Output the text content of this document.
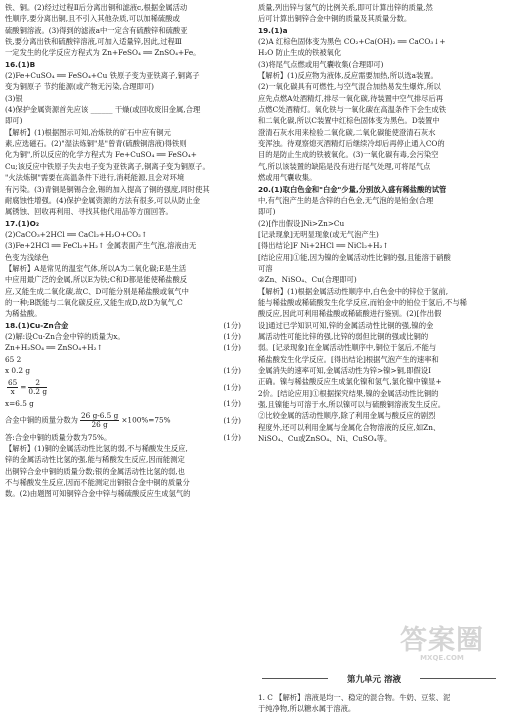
铁、铜。(2)经过过程Ⅱ后分离出铜和滤液c,根据金属活动
性顺序,要分离出铜,且不引入其他杂质,可以加稀硫酸或
硫酸铜溶液。(3)得到的滤液a中一定含有硫酸锌和硫酸亚
铁,要分离出铁和硫酸锌溶液,可加入适量锌,因此,过程Ⅲ
一定发生的化学反应方程式为 Zn+FeSO₄ ══ ZnSO₄+Fe。
16.(1)B
(2)Fe+CuSO₄ ══ FeSO₄+Cu 铁原子变为亚铁离子,铜离子
变为铜原子 节约能源(或产物无污染,合理即可)
(3)银
(4)保护金属资源首先应该 ______ 干燥(或回收废旧金属,合理
即可)
【解析】(1)根据图示可知,冶炼铁的矿石中应有铜元
素,应选磁石。(2)"湿法炼铜"是"曾青(硫酸铜溶液)得铁则
化为铜",所以反应的化学方程式为 Fe+CuSO₄ ══ FeSO₄+
Cu;该反应中铁原子失去电子变为亚铁离子,铜离子变为铜原子。
"火法炼铜"需要在高温条件下进行,消耗能源,且会对环境
有污染。(3)青铜是铜锡合金,锡的加入提高了铜的强度,同时使其
耐腐蚀性增强。(4)保护金属资源的方法有很多,可以从防止金
属锈蚀、回收再利用、寻找其他代用品等方面回答。
17.(1)O₂
(2)CaCO₃+2HCl ══ CaCl₂+H₂O+CO₂↑
(3)Fe+2HCl ══ FeCl₂+H₂↑ 金属表面产生气泡,溶液由无
色变为浅绿色
【解析】A是常见的温室气体,所以A为二氧化碳;E是生活
中应用最广泛的金属,所以E为铁;C和D都是能使稀盐酸反
应,又能生成二氧化碳,故C、D可能分别是稀盐酸或氧气中
的一种;B既能与二氧化碳反应,又能生成D,故D为氧气,C
为稀盐酸。
18.(1)Cu-Zn合金	(1分)
(2)解:设Cu-Zn合金中锌的质量为x。	(1分)
Zn+H₂SO₄ ══ ZnSO₄+H₂↑	(1分)
65 2
x 0.2 g	(1分)
$\frac{65}{x} = \frac{2}{0.2 g}$	(1分)
x=6.5 g	(1分)
合金中铜的质量分数为 $\frac{26 g-6.5 g}{26 g} \times 100\%=75\%$	(1分)
答:合金中铜的质量分数为75%。	(1分)
【解析】(1)铜的金属活动性比氢的弱,不与稀酸发生反应,
锌的金属活动性比氢的强,能与稀酸发生反应,因而能测定
出铜锌合金中铜的质量分数;银的金属活动性比氢的弱,也
不与稀酸发生反应,因而不能测定出铜银合金中铜的质量分
数。(2)由题图可知铜锌合金中锌与稀硫酸反应生成氢气的
质量,列出锌与氢气的比例关系,即可计算出锌的质量,然
后可计算出铜锌合金中铜的质量及其质量分数。
19.(1)a
(2)A 红棕色固体变为黑色 CO₂+Ca(OH)₂ ══ CaCO₃↓+
H₂O 防止生成的铁被氧化
(3)将尾气点燃或用气囊收集(合理即可)
【解析】(1)反应物为液体,反应需要加热,所以选a装置。
(2)一氧化碳具有可燃性,与空气混合加热易发生爆炸,所以
应先点燃A处酒精灯,排尽一氧化碳,待装置中空气排尽后再
点燃C处酒精灯。氧化铁与一氧化碳在高温条件下会生成铁
和二氧化碳,所以C装置中红棕色固体变为黑色。D装置中
澄清石灰水用来检验二氧化碳,二氧化碳能使澄清石灰水
变浑浊。待观察熄灭酒精灯后继续冷却后再停止通入CO的
目的是防止生成的铁被氧化。(3)一氧化碳有毒,会污染空
气,所以该装置的缺陷是没有进行尾气处理,可将尾气点
燃或用气囊收集。
20.(1)取白色金和"白金"少量,分别放入盛有稀盐酸的试管
中,有气泡产生的是含锌的白色金,无气泡的是铂金(合理
即可)
(2)[作出假设]Ni>Zn>Cu
[记录现象]无明显现象(或无气泡产生)
[得出结论]F Ni+2HCl ══ NiCl₂+H₂↑
[结论应用]①能,因为镍的金属活动性比铜的强,且能溶于硝酸
可溶
②Zn、NiSO₄、Cu(合理即可)
【解析】(1)根据金属活动性顺序中,白色金中的锌位于氢前,
能与稀盐酸或稀硫酸发生化学反应,而铂金中的铂位于氢后,不与稀
酸反应,因此可利用稀盐酸或稀硫酸进行鉴别。(2)[作出假
设]通过已学知识可知,锌的金属活动性比铜的强,镍的金
属活动性可能比锌的强,比锌的弱但比铜的强或比铜的
弱。[记录现象]在金属活动性顺序中,铜位于氢后,不能与
稀盐酸发生化学反应。[得出结论]根据气泡产生的速率和
金属消失的速率可知,金属活动性为锌>镍>铜,即假设Ⅰ
正确。镍与稀盐酸反应生成氯化镍和氢气,氯化镍中镍显+
2价。[结论应用]①根据探究结果,镍的金属活动性比铜的
强,且镍能与可溶于水,所以镍可以与硫酸铜溶液发生反应。
②比较金属的活动性顺序,除了利用金属与酸反应的剧烈
程度外,还可以利用金属与金属化合物溶液的反应,如Zn、
NiSO₄、Cu或ZnSO₄、Ni、CuSO₄等。
第九单元 溶液
1. C 【解析】溶液是均一、稳定的混合物。牛奶、豆浆、泥
于纯净物,所以糖水属于溶液。
答案圈
MXQE.COM
